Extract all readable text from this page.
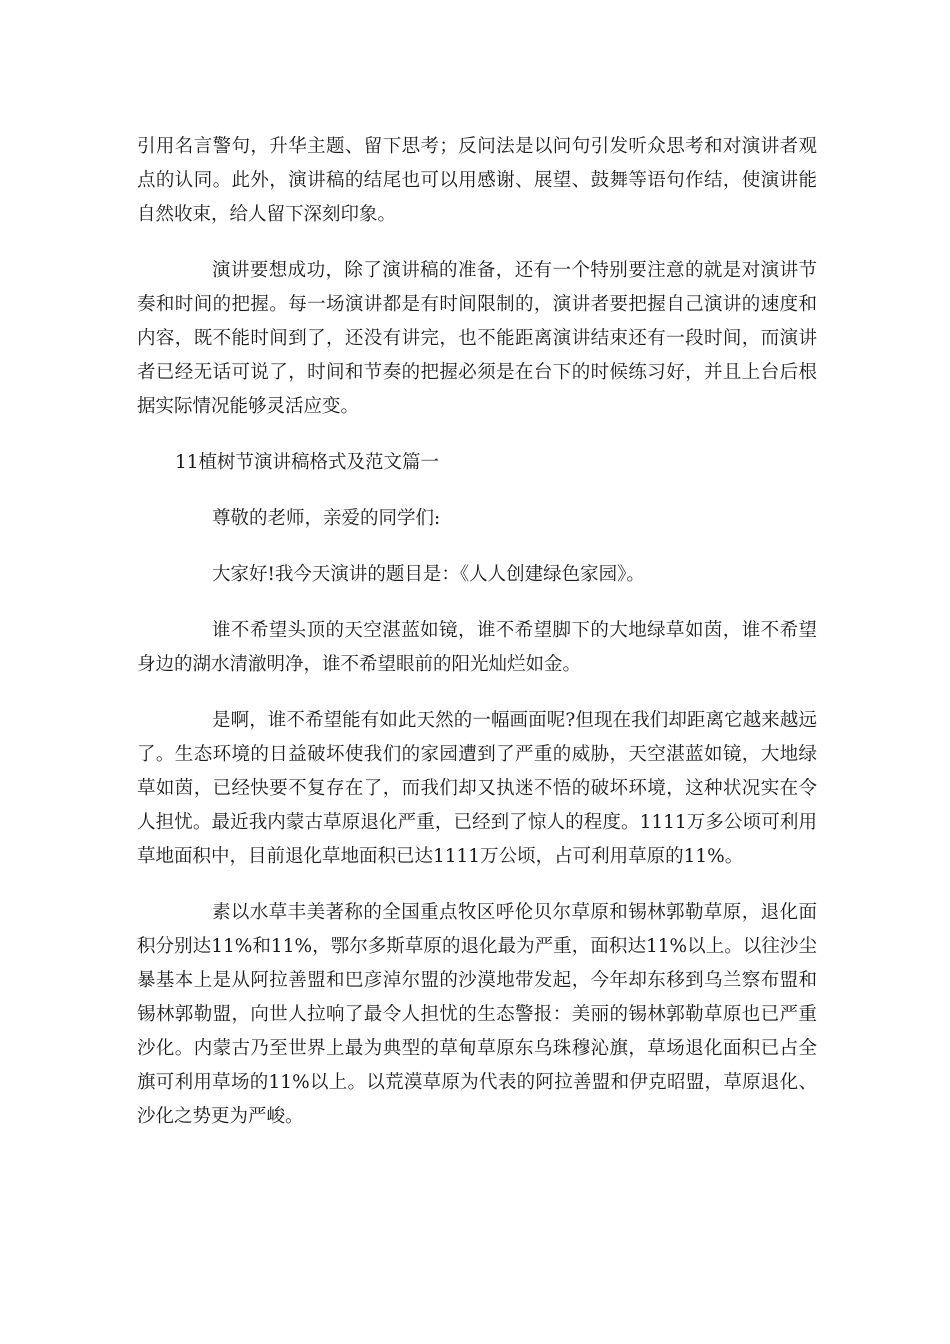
引用名言警句，升华主题、留下思考；反问法是以问句引发听众思考和对演讲者观点的认同。此外，演讲稿的结尾也可以用感谢、展望、鼓舞等语句作结，使演讲能自然收束，给人留下深刻印象。

演讲要想成功，除了演讲稿的准备，还有一个特别要注意的就是对演讲节奏和时间的把握。每一场演讲都是有时间限制的，演讲者要把握自己演讲的速度和内容，既不能时间到了，还没有讲完，也不能距离演讲结束还有一段时间，而演讲者已经无话可说了，时间和节奏的把握必须是在台下的时候练习好，并且上台后根据实际情况能够灵活应变。

11植树节演讲稿格式及范文篇一

尊敬的老师，亲爱的同学们:

大家好!我今天演讲的题目是：《人人创建绿色家园》。

谁不希望头顶的天空湛蓝如镜，谁不希望脚下的大地绿草如茵，谁不希望身边的湖水清澈明净，谁不希望眼前的阳光灿烂如金。

是啊，谁不希望能有如此天然的一幅画面呢?但现在我们却距离它越来越远了。生态环境的日益破坏使我们的家园遭到了严重的威胁，天空湛蓝如镜，大地绿草如茵，已经快要不复存在了，而我们却又执迷不悟的破坏环境，这种状况实在令人担忧。最近我内蒙古草原退化严重，已经到了惊人的程度。1111万多公顷可利用草地面积中，目前退化草地面积已达1111万公顷，占可利用草原的11%。

素以水草丰美著称的全国重点牧区呼伦贝尔草原和锡林郭勒草原，退化面积分别达11%和11%，鄂尔多斯草原的退化最为严重，面积达11%以上。以往沙尘暴基本上是从阿拉善盟和巴彦淖尔盟的沙漠地带发起，今年却东移到乌兰察布盟和锡林郭勒盟，向世人拉响了最令人担忧的生态警报：美丽的锡林郭勒草原也已严重沙化。内蒙古乃至世界上最为典型的草甸草原东乌珠穆沁旗，草场退化面积已占全旗可利用草场的11%以上。以荒漠草原为代表的阿拉善盟和伊克昭盟，草原退化、沙化之势更为严峻。
